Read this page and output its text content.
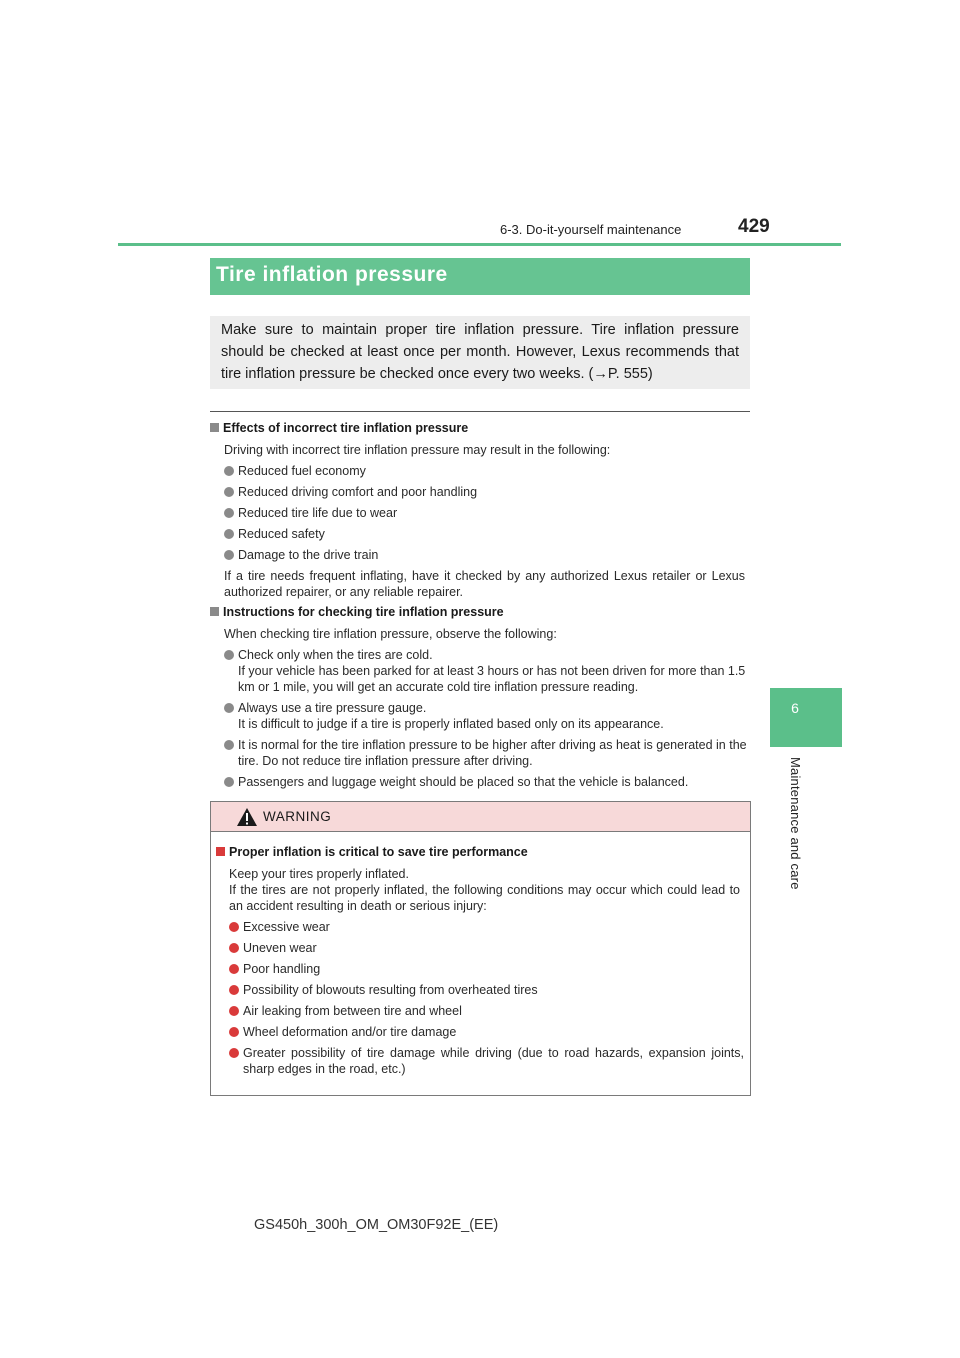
6-3. Do-it-yourself maintenance	429
6
Maintenance and care
Tire inflation pressure
Make sure to maintain proper tire inflation pressure. Tire inflation pressure should be checked at least once per month. However, Lexus recommends that tire inflation pressure be checked once every two weeks. (→P. 555)
Effects of incorrect tire inflation pressure
Driving with incorrect tire inflation pressure may result in the following:
Reduced fuel economy
Reduced driving comfort and poor handling
Reduced tire life due to wear
Reduced safety
Damage to the drive train
If a tire needs frequent inflating, have it checked by any authorized Lexus retailer or Lexus authorized repairer, or any reliable repairer.
Instructions for checking tire inflation pressure
When checking tire inflation pressure, observe the following:
Check only when the tires are cold.
If your vehicle has been parked for at least 3 hours or has not been driven for more than 1.5 km or 1 mile, you will get an accurate cold tire inflation pressure reading.
Always use a tire pressure gauge.
It is difficult to judge if a tire is properly inflated based only on its appearance.
It is normal for the tire inflation pressure to be higher after driving as heat is generated in the tire. Do not reduce tire inflation pressure after driving.
Passengers and luggage weight should be placed so that the vehicle is balanced.
WARNING
Proper inflation is critical to save tire performance
Keep your tires properly inflated.
If the tires are not properly inflated, the following conditions may occur which could lead to an accident resulting in death or serious injury:
Excessive wear
Uneven wear
Poor handling
Possibility of blowouts resulting from overheated tires
Air leaking from between tire and wheel
Wheel deformation and/or tire damage
Greater possibility of tire damage while driving (due to road hazards, expansion joints, sharp edges in the road, etc.)
GS450h_300h_OM_OM30F92E_(EE)
